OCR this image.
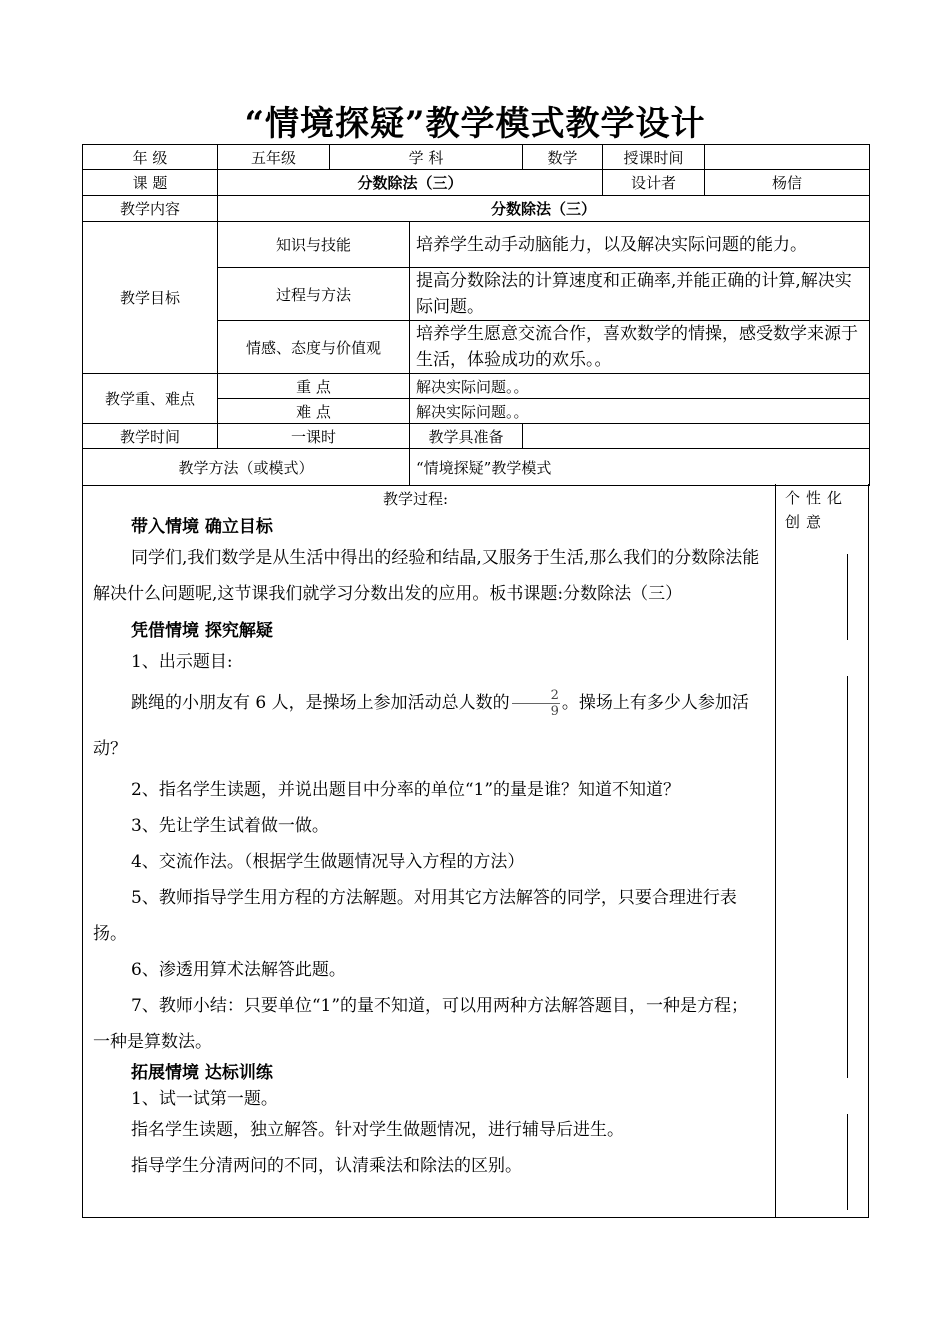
“情境探疑”教学模式教学设计
年 级	五年级	学 科		数学	授课时间	
课 题	分数除法（三）				设计者	杨信
教学内容	分数除法（三）					
教学目标	知识与技能		培养学生动手动脑能力，以及解决实际问题的能力。			
	过程与方法		提高分数除法的计算速度和正确率,并能正确的计算,解决实际问题。			
	情感、态度与价值观		培养学生愿意交流合作，喜欢数学的情操，感受数学来源于生活，体验成功的欢乐。。			
教学重、难点	重 点		解决实际问题。。			
	难 点		解决实际问题。。			
教学时间	一课时		教学具准备			
教学方法（或模式）			“情境探疑”教学模式			
教学过程:	个性化创意

带入情境 确立目标

同学们,我们数学是从生活中得出的经验和结晶,又服务于生活,那么我们的分数除法能解决什么问题呢,这节课我们就学习分数出发的应用。板书课题:分数除法（三）

凭借情境 探究解疑

1、出示题目:

跳绳的小朋友有 6 人，是操场上参加活动总人数的 $\frac{2}{9}$ 。操场上有多少人参加活动？

2、指名学生读题，并说出题目中分率的单位“1”的量是谁？知道不知道？

3、先让学生试着做一做。

4、交流作法。（根据学生做题情况导入方程的方法）

5、教师指导学生用方程的方法解题。对用其它方法解答的同学，只要合理进行表扬。

6、渗透用算术法解答此题。

7、教师小结：只要单位“1”的量不知道，可以用两种方法解答题目，一种是方程；一种是算数法。

拓展情境 达标训练

1、试一试第一题。

指名学生读题，独立解答。针对学生做题情况，进行辅导后进生。

指导学生分清两问的不同，认清乘法和除法的区别。
